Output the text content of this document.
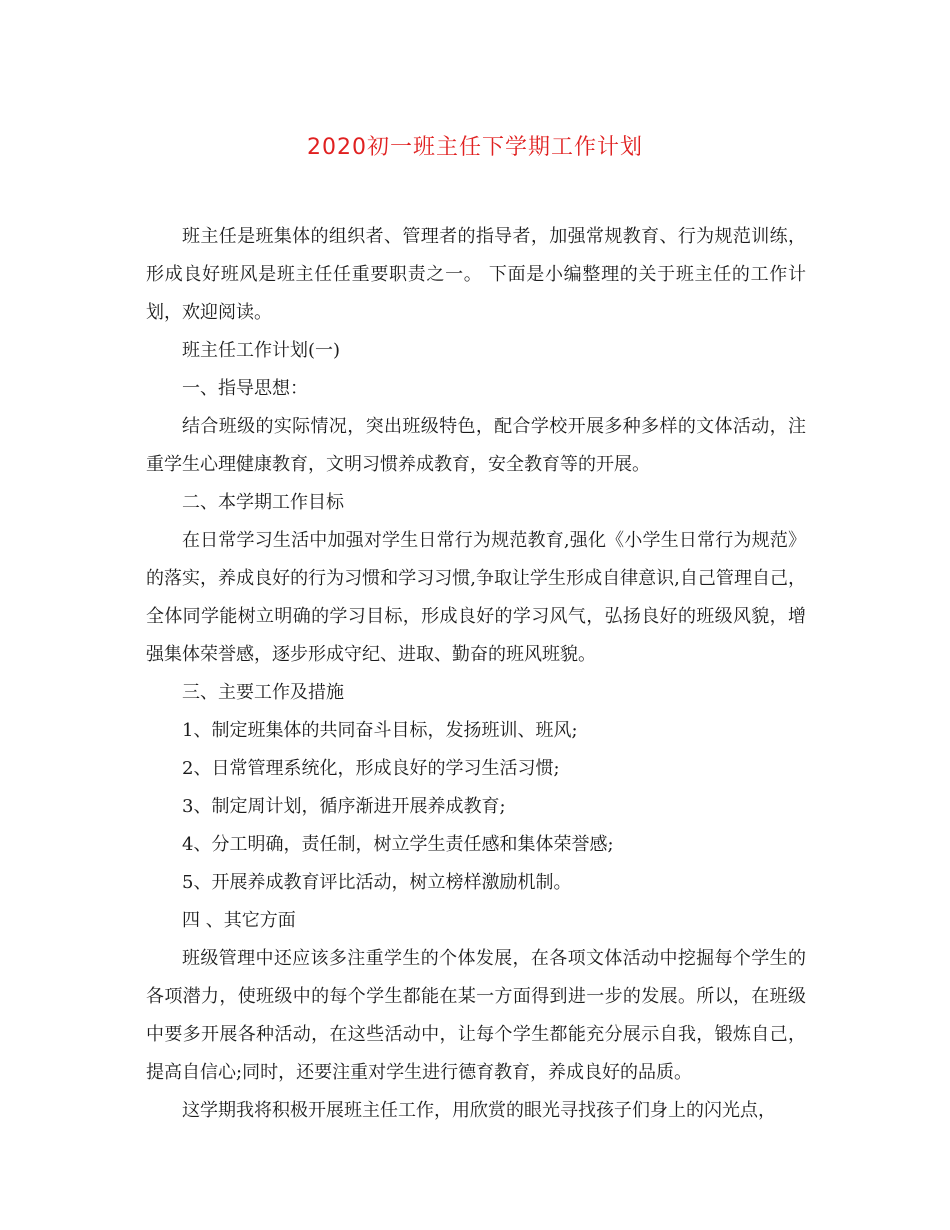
2020初一班主任下学期工作计划

班主任是班集体的组织者、管理者的指导者，加强常规教育、行为规范训练，形成良好班风是班主任任重要职责之一。 下面是小编整理的关于班主任的工作计划，欢迎阅读。

班主任工作计划(一)

一、指导思想：

结合班级的实际情况，突出班级特色，配合学校开展多种多样的文体活动，注重学生心理健康教育，文明习惯养成教育，安全教育等的开展。

二、本学期工作目标

在日常学习生活中加强对学生日常行为规范教育,强化《小学生日常行为规范》的落实，养成良好的行为习惯和学习习惯,争取让学生形成自律意识,自己管理自己，全体同学能树立明确的学习目标，形成良好的学习风气，弘扬良好的班级风貌，增强集体荣誉感，逐步形成守纪、进取、勤奋的班风班貌。

三、主要工作及措施

1、制定班集体的共同奋斗目标，发扬班训、班风;

2、日常管理系统化，形成良好的学习生活习惯;

3、制定周计划，循序渐进开展养成教育;

4、分工明确，责任制，树立学生责任感和集体荣誉感;

5、开展养成教育评比活动，树立榜样激励机制。

四 、其它方面

班级管理中还应该多注重学生的个体发展，在各项文体活动中挖掘每个学生的各项潜力，使班级中的每个学生都能在某一方面得到进一步的发展。所以，在班级中要多开展各种活动，在这些活动中，让每个学生都能充分展示自我，锻炼自己，提高自信心;同时，还要注重对学生进行德育教育，养成良好的品质。

这学期我将积极开展班主任工作，用欣赏的眼光寻找孩子们身上的闪光点，
